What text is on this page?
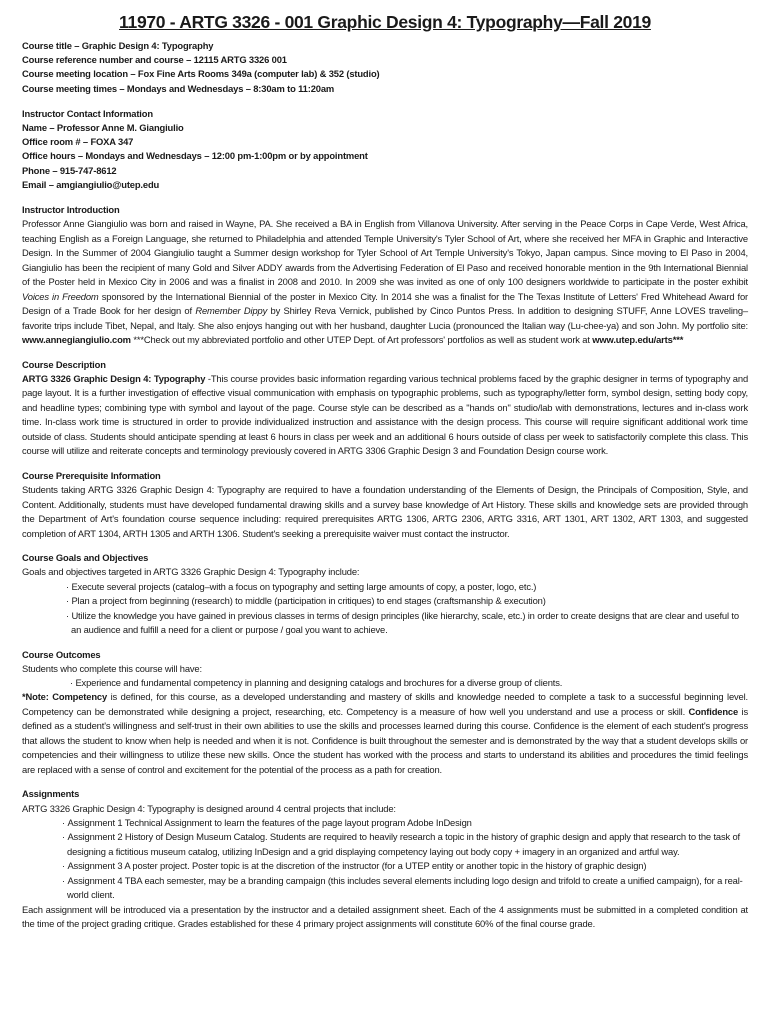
11970 - ARTG 3326 - 001 Graphic Design 4: Typography—Fall 2019
Course title – Graphic Design 4: Typography
Course reference number and course – 12115 ARTG 3326 001
Course meeting location – Fox Fine Arts Rooms 349a (computer lab) & 352 (studio)
Course meeting times – Mondays and Wednesdays – 8:30am to 11:20am
Instructor Contact Information
Name – Professor Anne M. Giangiulio
Office room # – FOXA 347
Office hours – Mondays and Wednesdays – 12:00 pm-1:00pm or by appointment
Phone – 915-747-8612
Email – amgiangiulio@utep.edu
Instructor Introduction

Professor Anne Giangiulio was born and raised in Wayne, PA. She received a BA in English from Villanova University. After serving in the Peace Corps in Cape Verde, West Africa, teaching English as a Foreign Language, she returned to Philadelphia and attended Temple University's Tyler School of Art, where she received her MFA in Graphic and Interactive Design. In the Summer of 2004 Giangiulio taught a Summer design workshop for Tyler School of Art Temple University's Tokyo, Japan campus. Since moving to El Paso in 2004, Giangiulio has been the recipient of many Gold and Silver ADDY awards from the Advertising Federation of El Paso and received honorable mention in the 9th International Biennial of the Poster held in Mexico City in 2006 and was a finalist in 2008 and 2010. In 2009 she was invited as one of only 100 designers worldwide to participate in the poster exhibit Voices in Freedom sponsored by the International Biennial of the poster in Mexico City. In 2014 she was a finalist for the The Texas Institute of Letters' Fred Whitehead Award for Design of a Trade Book for her design of Remember Dippy by Shirley Reva Vernick, published by Cinco Puntos Press. In addition to designing STUFF, Anne LOVES traveling–favorite trips include Tibet, Nepal, and Italy. She also enjoys hanging out with her husband, daughter Lucia (pronounced the Italian way (Lu-chee-ya) and son John. My portfolio site: www.annegiangiulio.com ***Check out my abbreviated portfolio and other UTEP Dept. of Art professors' portfolios as well as student work at www.utep.edu/arts***

Course Description

ARTG 3326 Graphic Design 4: Typography -This course provides basic information regarding various technical problems faced by the graphic designer in terms of typography and page layout. It is a further investigation of effective visual communication with emphasis on typographic problems, such as typography/letter form, symbol design, setting body copy, and headline types; combining type with symbol and layout of the page. Course style can be described as a "hands on" studio/lab with demonstrations, lectures and in-class work time. In-class work time is structured in order to provide individualized instruction and assistance with the design process. This course will require significant additional work time outside of class. Students should anticipate spending at least 6 hours in class per week and an additional 6 hours outside of class per week to satisfactorily complete this class. This course will utilize and reiterate concepts and terminology previously covered in ARTG 3306 Graphic Design 3 and Foundation Design course work.

Course Prerequisite Information

Students taking ARTG 3326 Graphic Design 4: Typography are required to have a foundation understanding of the Elements of Design, the Principals of Composition, Style, and Content. Additionally, students must have developed fundamental drawing skills and a survey base knowledge of Art History. These skills and knowledge sets are provided through the Department of Art's foundation course sequence including: required prerequisites ARTG 1306, ARTG 2306, ARTG 3316, ART 1301, ART 1302, ART 1303, and suggested completion of ART 1304, ARTH 1305 and ARTH 1306. Student's seeking a prerequisite waiver must contact the instructor.

Course Goals and Objectives
Goals and objectives targeted in ARTG 3326 Graphic Design 4: Typography include:
· Execute several projects (catalog–with a focus on typography and setting large amounts of copy, a poster, logo, etc.)
· Plan a project from beginning (research) to middle (participation in critiques) to end stages (craftsmanship & execution)
· Utilize the knowledge you have gained in previous classes in terms of design principles (like hierarchy, scale, etc.) in order to create designs that are clear and useful to an audience and fulfill a need for a client or purpose / goal you want to achieve.
Course Outcomes
Students who complete this course will have:
· Experience and fundamental competency in planning and designing catalogs and brochures for a diverse group of clients.

*Note: Competency is defined, for this course, as a developed understanding and mastery of skills and knowledge needed to complete a task to a successful beginning level. Competency can be demonstrated while designing a project, researching, etc. Competency is a measure of how well you understand and use a process or skill. Confidence is defined as a student's willingness and self-trust in their own abilities to use the skills and processes learned during this course. Confidence is the element of each student's progress that allows the student to know when help is needed and when it is not. Confidence is built throughout the semester and is demonstrated by the way that a student develops skills or competencies and their willingness to utilize these new skills. Once the student has worked with the process and starts to understand its abilities and procedures the timid feelings are replaced with a sense of control and excitement for the potential of the process as a path for creation.

Assignments
ARTG 3326 Graphic Design 4: Typography is designed around 4 central projects that include:
· Assignment 1 Technical Assignment to learn the features of the page layout program Adobe InDesign
· Assignment 2 History of Design Museum Catalog. Students are required to heavily research a topic in the history of graphic design and apply that research to the task of designing a fictitious museum catalog, utilizing InDesign and a grid displaying competency laying out body copy + imagery in an organized and artful way.
· Assignment 3 A poster project. Poster topic is at the discretion of the instructor (for a UTEP entity or another topic in the history of graphic design)
· Assignment 4 TBA each semester, may be a branding campaign (this includes several elements including logo design and trifold to create a unified campaign), for a real-world client.

Each assignment will be introduced via a presentation by the instructor and a detailed assignment sheet. Each of the 4 assignments must be submitted in a completed condition at the time of the project grading critique. Grades established for these 4 primary project assignments will constitute 60% of the final course grade.
